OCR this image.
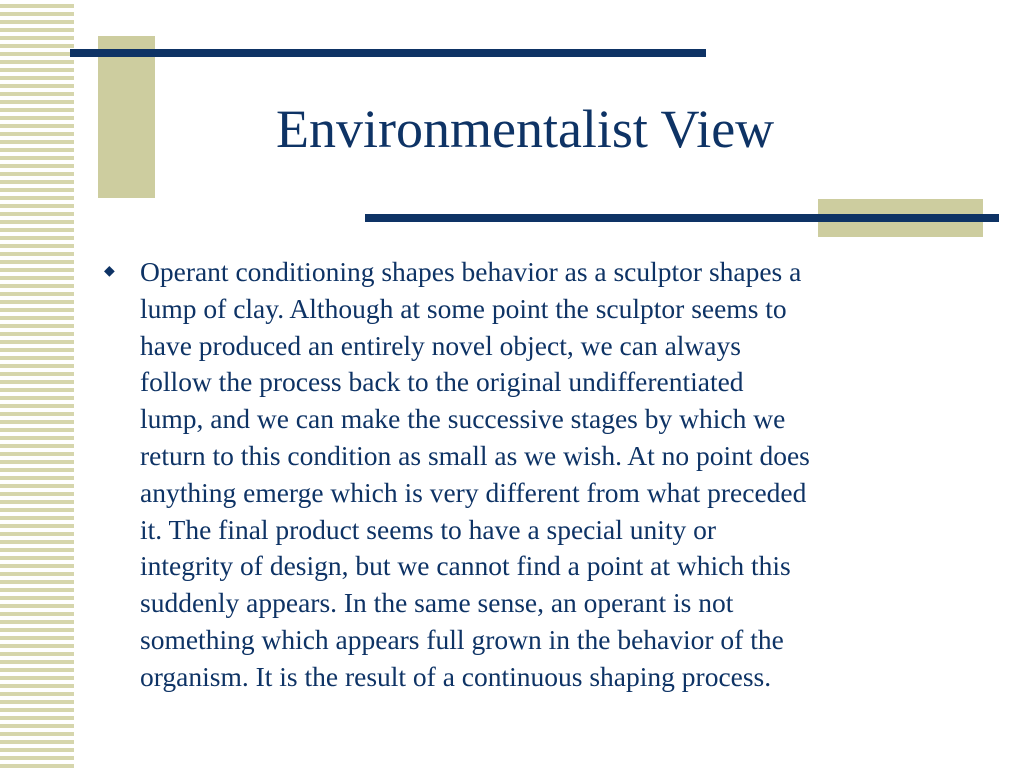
Environmentalist View
◆ Operant conditioning shapes behavior as a sculptor shapes a
lump of clay. Although at some point the sculptor seems to
have produced an entirely novel object, we can always
follow the process back to the original undifferentiated
lump, and we can make the successive stages by which we
return to this condition as small as we wish. At no point does
anything emerge which is very different from what preceded
it. The final product seems to have a special unity or
integrity of design, but we cannot find a point at which this
suddenly appears. In the same sense, an operant is not
something which appears full grown in the behavior of the
organism. It is the result of a continuous shaping process.
